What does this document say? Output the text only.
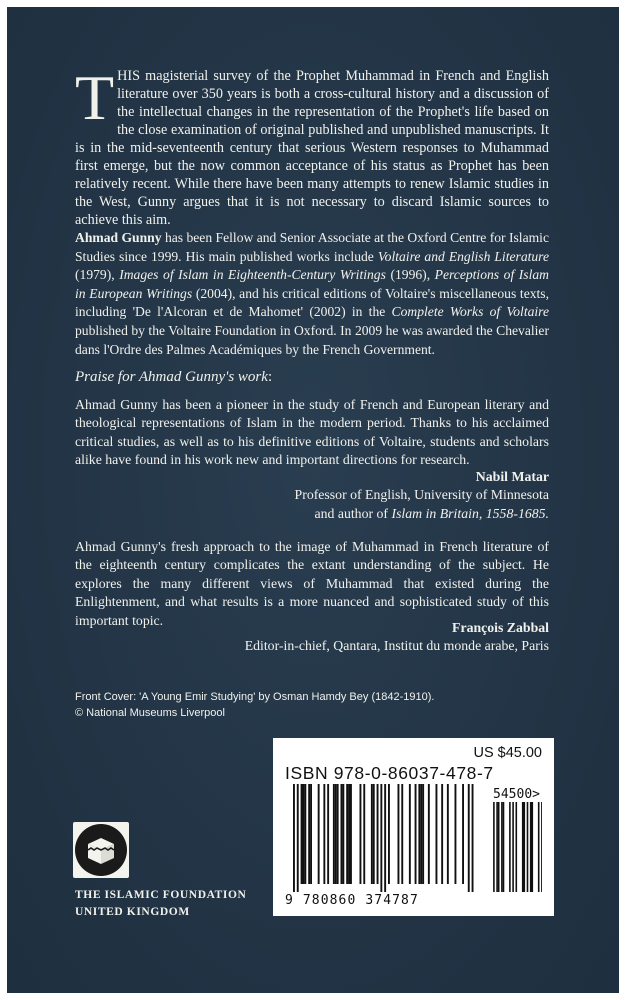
THIS magisterial survey of the Prophet Muhammad in French and English literature over 350 years is both a cross-cultural history and a discussion of the intellectual changes in the representation of the Prophet's life based on the close examination of original published and unpublished manuscripts. It is in the mid-seventeenth century that serious Western responses to Muhammad first emerge, but the now common acceptance of his status as Prophet has been relatively recent. While there have been many attempts to renew Islamic studies in the West, Gunny argues that it is not necessary to discard Islamic sources to achieve this aim.

Ahmad Gunny has been Fellow and Senior Associate at the Oxford Centre for Islamic Studies since 1999. His main published works include Voltaire and English Literature (1979), Images of Islam in Eighteenth-Century Writings (1996), Perceptions of Islam in European Writings (2004), and his critical editions of Voltaire's miscellaneous texts, including 'De l'Alcoran et de Mahomet' (2002) in the Complete Works of Voltaire published by the Voltaire Foundation in Oxford. In 2009 he was awarded the Chevalier dans l'Ordre des Palmes Académiques by the French Government.

Praise for Ahmad Gunny's work:

Ahmad Gunny has been a pioneer in the study of French and European literary and theological representations of Islam in the modern period. Thanks to his acclaimed critical studies, as well as to his definitive editions of Voltaire, students and scholars alike have found in his work new and important directions for research.

Nabil Matar
Professor of English, University of Minnesota
and author of Islam in Britain, 1558-1685.

Ahmad Gunny's fresh approach to the image of Muhammad in French literature of the eighteenth century complicates the extant understanding of the subject. He explores the many different views of Muhammad that existed during the Enlightenment, and what results is a more nuanced and sophisticated study of this important topic.	François Zabbal
Editor-in-chief, Qantara, Institut du monde arabe, Paris

Front Cover: 'A Young Emir Studying' by Osman Hamdy Bey (1842-1910).
© National Museums Liverpool

THE ISLAMIC FOUNDATION
UNITED KINGDOM

US $45.00
ISBN 978-0-86037-478-7
54500>
9 780860 374787
